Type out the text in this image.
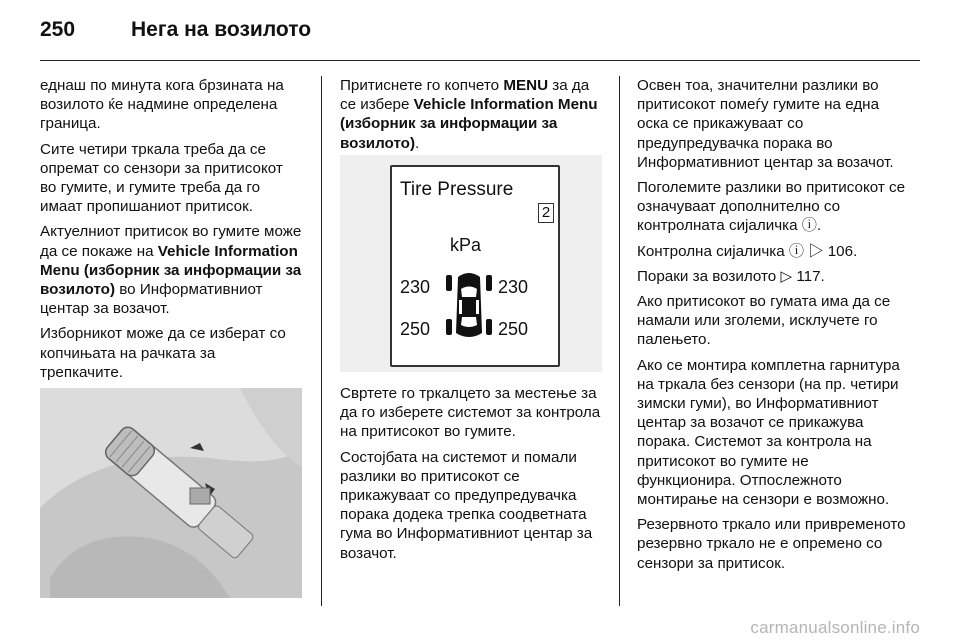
250	Нега на возилото

еднаш по минута кога брзината на возилото ќе надмине определена граница.

Сите четири тркала треба да се опремат со сензори за притисокот во гумите, и гумите треба да го имаат пропишаниот притисок.

Актуелниот притисок во гумите може да се покаже на Vehicle Information Menu (изборник за информации за возилото) во Информативниот центар за возачот.

Изборникот може да се изберат со копчињата на рачката за трепкачите.

Притиснете го копчето MENU за да се избере Vehicle Information Menu (изборник за информации за возилото).

Tire Pressure
2
kPa
230	230
250	250

Свртете го тркалцето за местење за да го изберете системот за контрола на притисокот во гумите.

Состојбата на системот и помали разлики во притисокот се прикажуваат со предупредувачка порака додека трепка соодветната гума во Информативниот центар за возачот.

Освен тоа, значителни разлики во притисокот помеѓу гумите на една оска се прикажуваат со предупредувачка порака во Информативниот центар за возачот.

Поголемите разлики во притисокот се означуваат дополнително со контролната сијаличка ⓘ.

Контролна сијаличка ⓘ ▷ 106.

Пораки за возилото ▷ 117.

Ако притисокот во гумата има да се намали или зголеми, исклучете го палењето.

Ако се монтира комплетна гарнитура на тркала без сензори (на пр. четири зимски гуми), во Информативниот центар за возачот се прикажува порака. Системот за контрола на притисокот во гумите не функционира. Отпослежното монтирање на сензори е возможно.

Резервното тркало или привременото резервно тркало не е опремено со сензори за притисок.

carmanualsonline.info
